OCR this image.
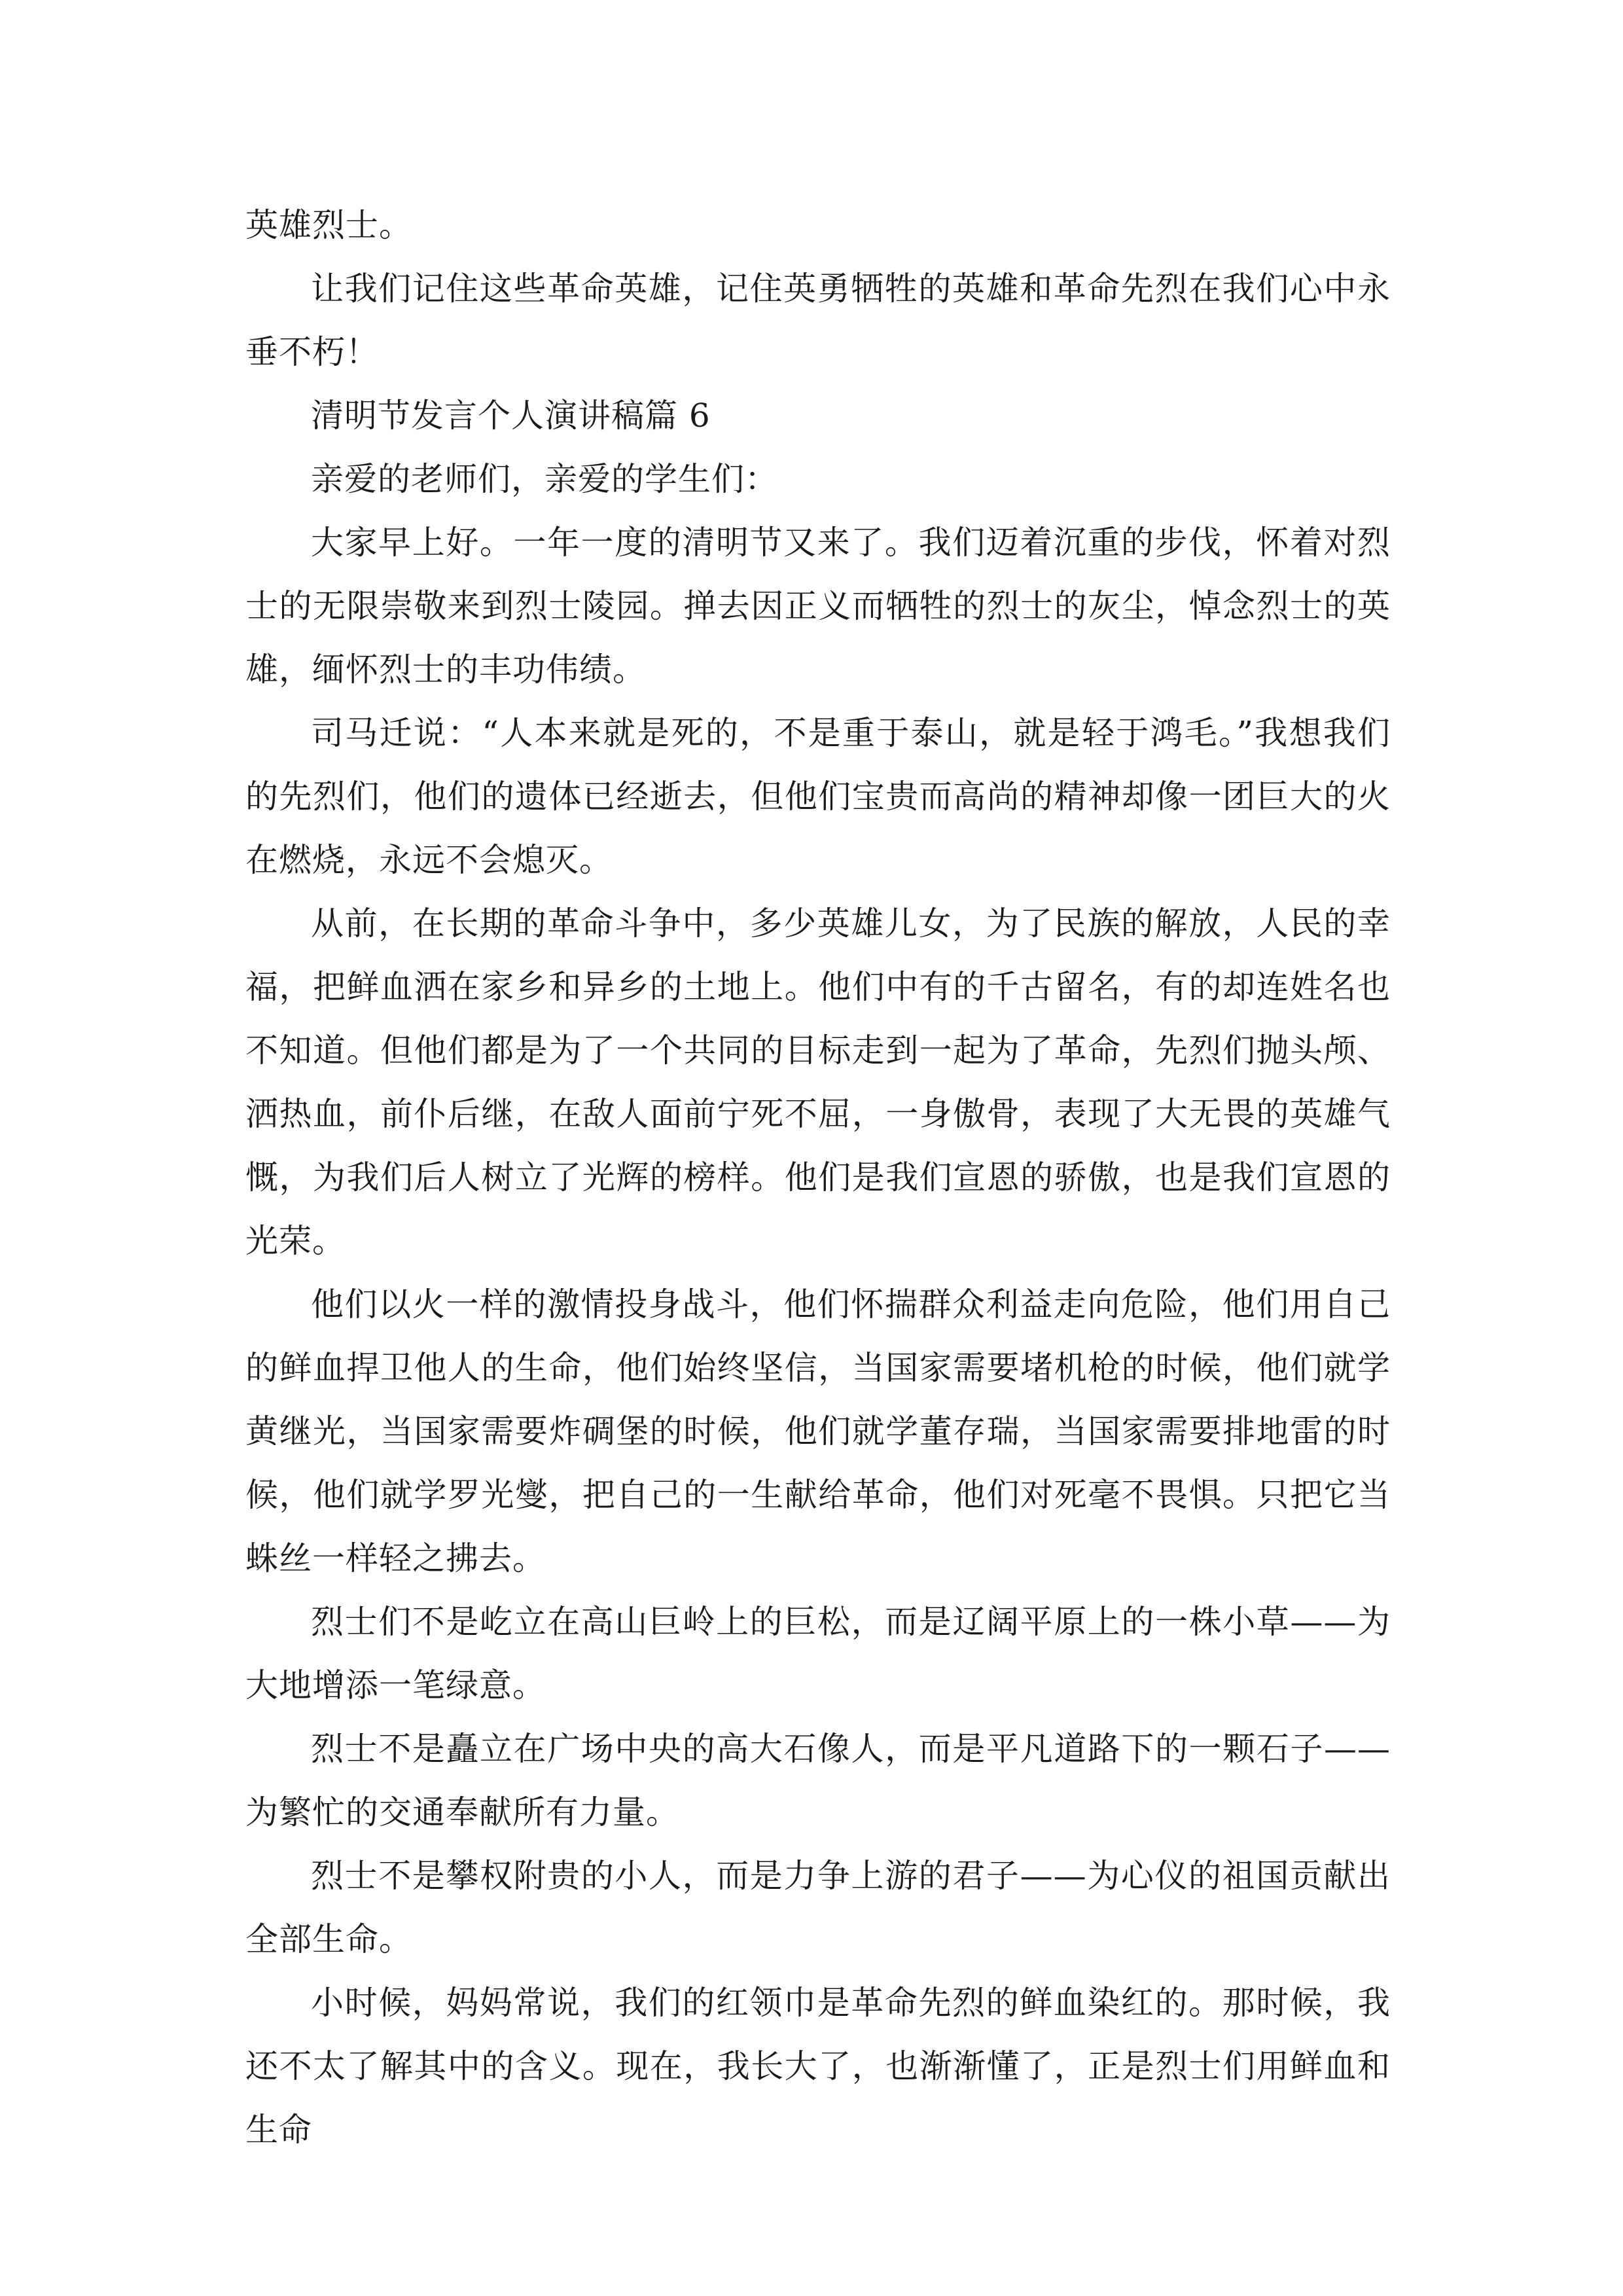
英雄烈士。

让我们记住这些革命英雄，记住英勇牺牲的英雄和革命先烈在我们心中永垂不朽！

清明节发言个人演讲稿篇 6

亲爱的老师们，亲爱的学生们：

大家早上好。一年一度的清明节又来了。我们迈着沉重的步伐，怀着对烈士的无限崇敬来到烈士陵园。掸去因正义而牺牲的烈士的灰尘，悼念烈士的英雄，缅怀烈士的丰功伟绩。

司马迁说：“人本来就是死的，不是重于泰山，就是轻于鸿毛。”我想我们的先烈们，他们的遗体已经逝去，但他们宝贵而高尚的精神却像一团巨大的火在燃烧，永远不会熄灭。

从前，在长期的革命斗争中，多少英雄儿女，为了民族的解放，人民的幸福，把鲜血洒在家乡和异乡的土地上。他们中有的千古留名，有的却连姓名也不知道。但他们都是为了一个共同的目标走到一起为了革命，先烈们抛头颅、洒热血，前仆后继，在敌人面前宁死不屈，一身傲骨，表现了大无畏的英雄气慨，为我们后人树立了光辉的榜样。他们是我们宣恩的骄傲，也是我们宣恩的光荣。

他们以火一样的激情投身战斗，他们怀揣群众利益走向危险，他们用自己的鲜血捍卫他人的生命，他们始终坚信，当国家需要堵机枪的时候，他们就学黄继光，当国家需要炸碉堡的时候，他们就学董存瑞，当国家需要排地雷的时候，他们就学罗光燮，把自己的一生献给革命，他们对死毫不畏惧。只把它当蛛丝一样轻之拂去。

烈士们不是屹立在高山巨岭上的巨松，而是辽阔平原上的一株小草——为大地增添一笔绿意。

烈士不是矗立在广场中央的高大石像人，而是平凡道路下的一颗石子——为繁忙的交通奉献所有力量。

烈士不是攀权附贵的小人，而是力争上游的君子——为心仪的祖国贡献出全部生命。

小时候，妈妈常说，我们的红领巾是革命先烈的鲜血染红的。那时候，我还不太了解其中的含义。现在，我长大了，也渐渐懂了，正是烈士们用鲜血和生命
